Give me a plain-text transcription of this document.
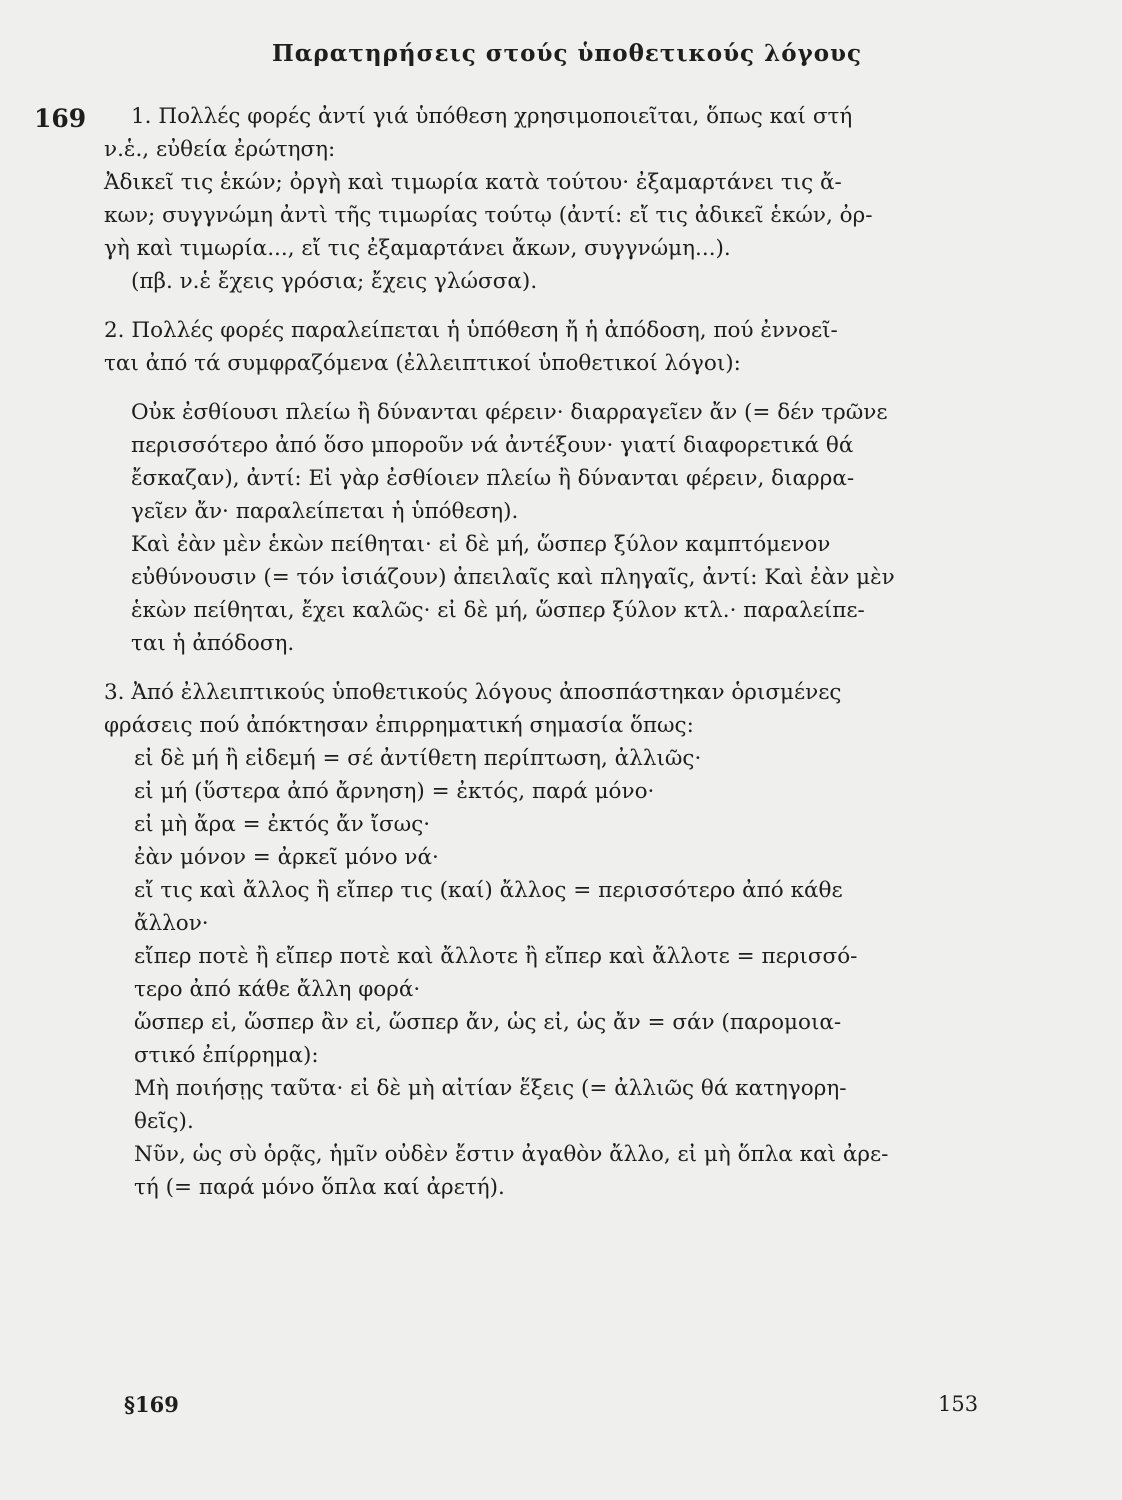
Παρατηρήσεις στούς ὑποθετικούς λόγους
169	1. Πολλές φορές ἀντί γιά ὑπόθεση χρησιμοποιεῖται, ὅπως καί στή

ν.ἑ., εὐθεία ἐρώτηση:

Ἀδικεῖ τις ἑκών; ὀργὴ καὶ τιμωρία κατὰ τούτου· ἐξαμαρτάνει τις ἄ-

κων; συγγνώμη ἀντὶ τῆς τιμωρίας τούτῳ (ἀντί: εἴ τις ἀδικεῖ ἑκών, ὀρ-

γὴ καὶ τιμωρία..., εἴ τις ἐξαμαρτάνει ἄκων, συγγνώμη...).

(πβ. ν.ἑ ἔχεις γρόσια; ἔχεις γλώσσα).

2. Πολλές φορές παραλείπεται ἡ ὑπόθεση ἤ ἡ ἀπόδοση, πού ἐννοεῖ-

ται ἀπό τά συμφραζόμενα (ἐλλειπτικοί ὑποθετικοί λόγοι):

Οὐκ ἐσθίουσι πλείω ἢ δύνανται φέρειν· διαρραγεῖεν ἄν (= δέν τρῶνε

περισσότερο ἀπό ὅσο μποροῦν νά ἀντέξουν· γιατί διαφορετικά θά

ἔσκαζαν), ἀντί: Εἰ γὰρ ἐσθίοιεν πλείω ἢ δύνανται φέρειν, διαρρα-

γεῖεν ἄν· παραλείπεται ἡ ὑπόθεση).

Καὶ ἐὰν μὲν ἑκὼν πείθηται· εἰ δὲ μή, ὥσπερ ξύλον καμπτόμενον

εὐθύνουσιν (= τόν ἰσιάζουν) ἀπειλαῖς καὶ πληγαῖς, ἀντί: Καὶ ἐὰν μὲν

ἑκὼν πείθηται, ἔχει καλῶς· εἰ δὲ μή, ὥσπερ ξύλον κτλ.· παραλείπε-

ται ἡ ἀπόδοση.

3. Ἀπό ἐλλειπτικούς ὑποθετικούς λόγους ἀποσπάστηκαν ὁρισμένες

φράσεις πού ἀπόκτησαν ἐπιρρηματική σημασία ὅπως:

εἰ δὲ μή ἢ εἰδεμή = σέ ἀντίθετη περίπτωση, ἀλλιῶς·

εἰ μή (ὕστερα ἀπό ἄρνηση) = ἐκτός, παρά μόνο·

εἰ μὴ ἄρα = ἐκτός ἄν ἴσως·

ἐὰν μόνον = ἀρκεῖ μόνο νά·

εἴ τις καὶ ἄλλος ἢ εἴπερ τις (καί) ἄλλος = περισσότερο ἀπό κάθε

ἄλλον·

εἴπερ ποτὲ ἢ εἴπερ ποτὲ καὶ ἄλλοτε ἢ εἴπερ καὶ ἄλλοτε = περισσό-

τερο ἀπό κάθε ἄλλη φορά·

ὥσπερ εἰ, ὥσπερ ἂν εἰ, ὥσπερ ἄν, ὡς εἰ, ὡς ἄν = σάν (παρομοια-

στικό ἐπίρρημα):

Μὴ ποιήσῃς ταῦτα· εἰ δὲ μὴ αἰτίαν ἕξεις (= ἀλλιῶς θά κατηγορη-

θεῖς).

Νῦν, ὡς σὺ ὁρᾷς, ἡμῖν οὐδὲν ἔστιν ἀγαθὸν ἄλλο, εἰ μὴ ὅπλα καὶ ἀρε-

τή (= παρά μόνο ὅπλα καί ἀρετή).

§169	153
